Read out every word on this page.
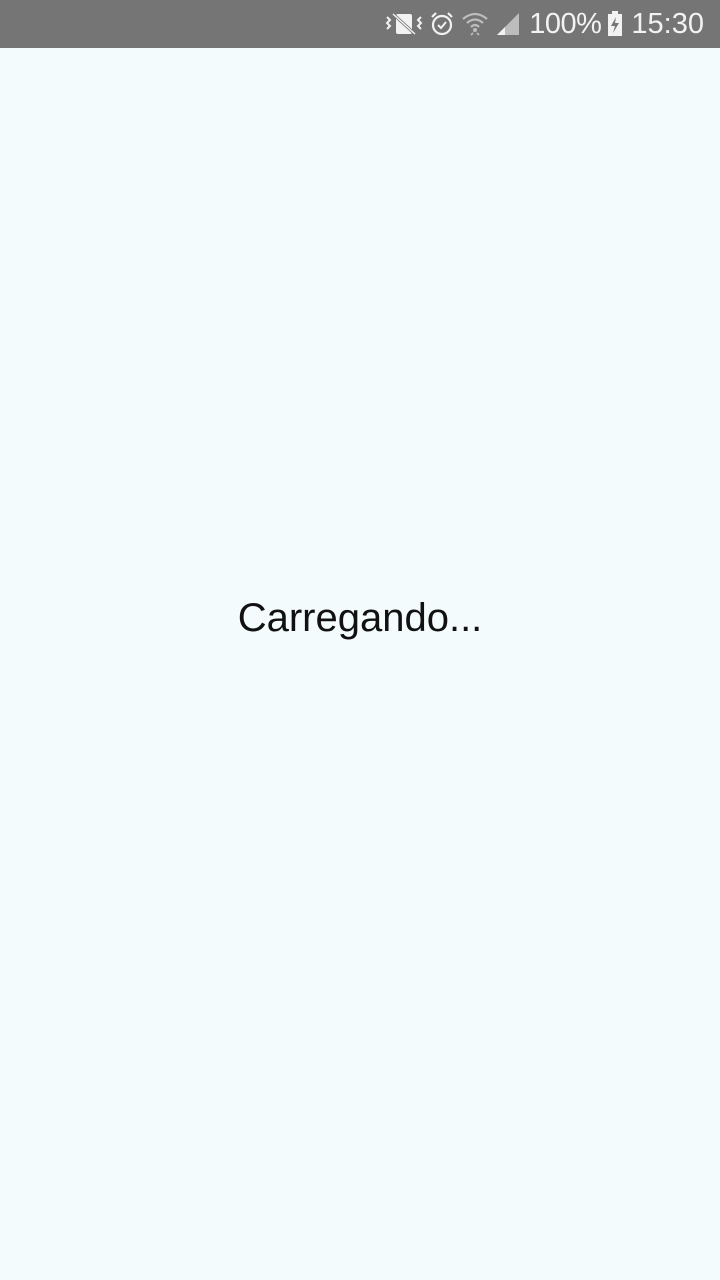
100% 15:30
Carregando...
